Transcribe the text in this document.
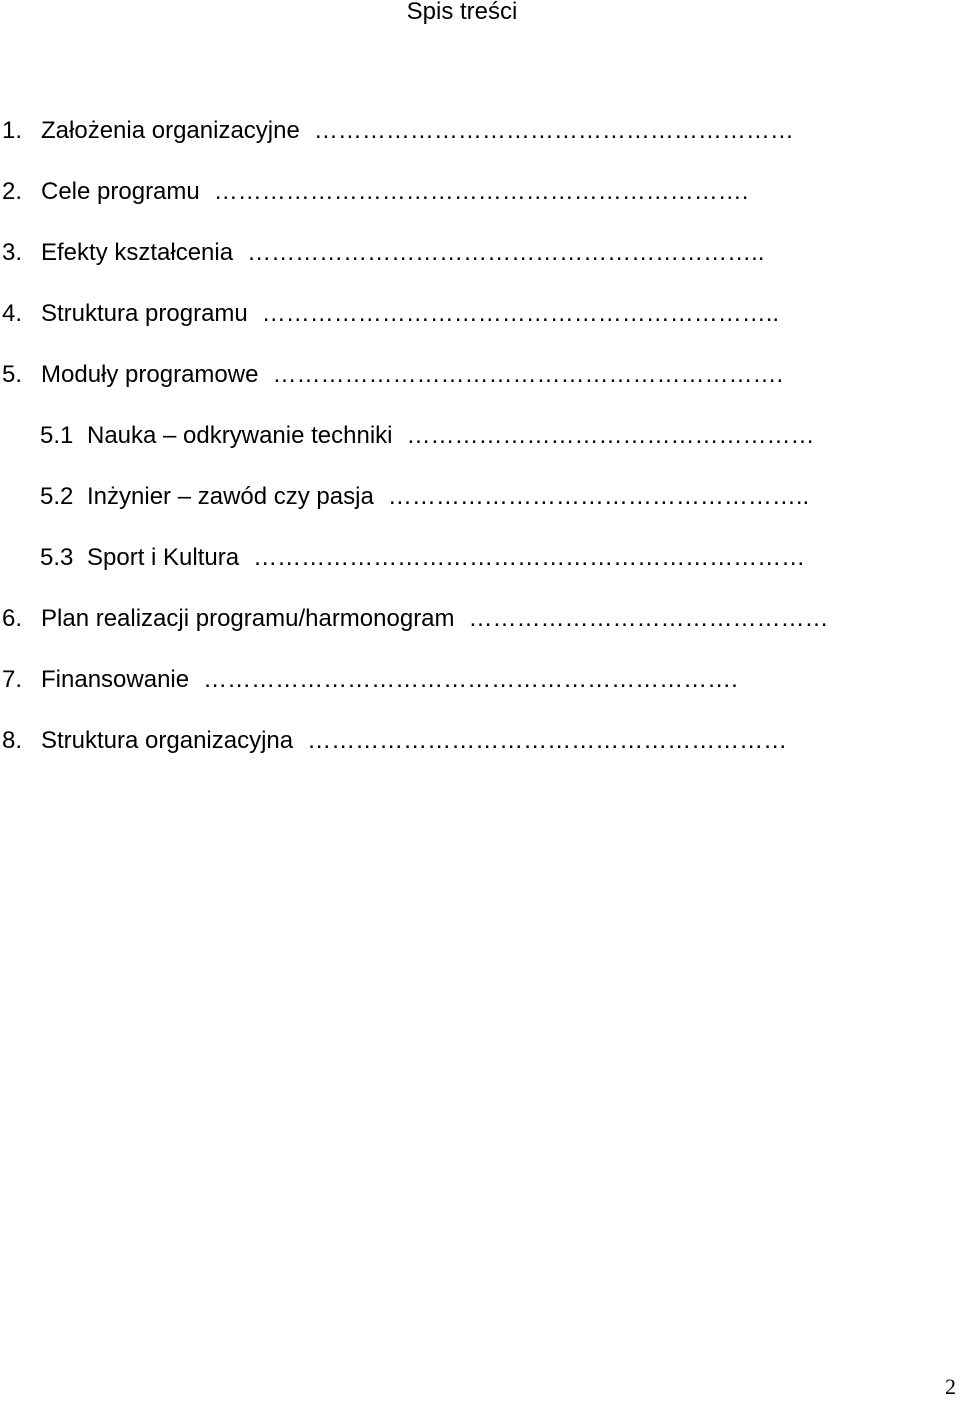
Spis treści
1. Założenia organizacyjne ……………………………………………………
2. Cele programu ………………………………………………………….
3. Efekty kształcenia ………………………………………………………..
4. Struktura programu ………………………………………………………..
5. Moduły programowe ……………………………………………………….
5.1 Nauka – odkrywanie techniki ……………………………………………
5.2 Inżynier – zawód czy pasja ……………………………………………..
5.3 Sport i Kultura ……………………………………………………………
6. Plan realizacji programu/harmonogram ………………………………………
7. Finansowanie ………………………………………………………….
8. Struktura organizacyjna ……………………………………………………
2
